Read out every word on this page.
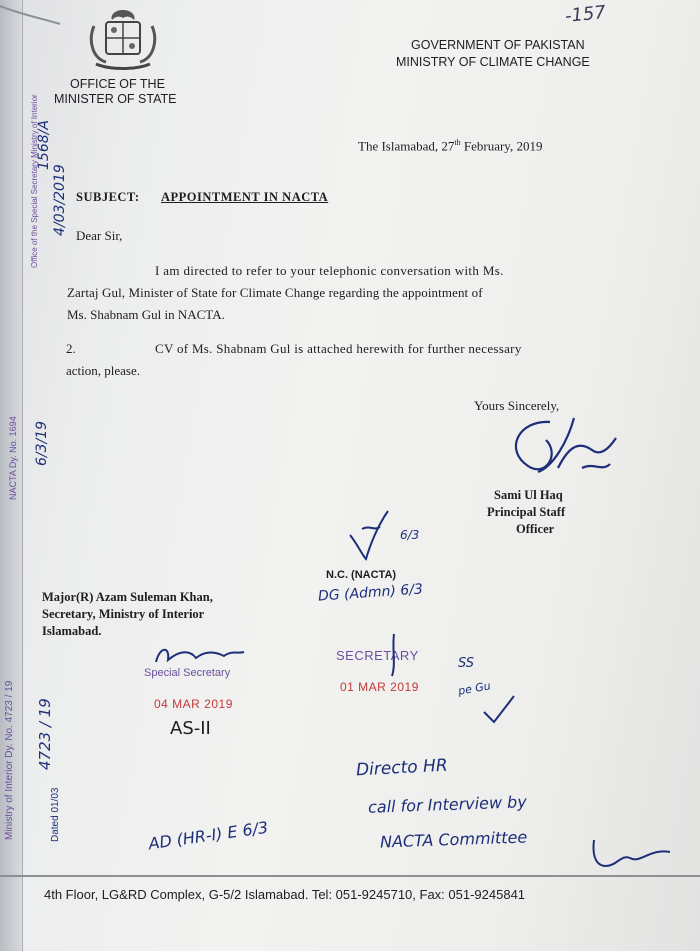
OFFICE OF THE
MINISTER OF STATE
GOVERNMENT OF PAKISTAN
MINISTRY OF CLIMATE CHANGE
-157
The Islamabad, 27th February, 2019
SUBJECT: APPOINTMENT IN NACTA
Dear Sir,
I am directed to refer to your telephonic conversation with Ms.
Zartaj Gul, Minister of State for Climate Change regarding the appointment of
Ms. Shabnam Gul in NACTA.
2.	CV of Ms. Shabnam Gul is attached herewith for further necessary
action, please.
Yours Sincerely,
Sami Ul Haq
Principal Staff
Officer
Major(R) Azam Suleman Khan,
Secretary, Ministry of Interior
Islamabad.
Office of the Special Secretary Ministry of Interior
1568/A
4/03/2019
NACTA Dy. No. 1694 6/3/19
6/3
N.C. (NACTA)
DG (Admn) 6/3
SECRETARY
01 MAR 2019
SS
pe Gu
Special Secretary
04 MAR 2019
AS-II
Ministry of Interior Dy. No. 4723 / 19 4723 / 19
Dated 01/03
Directo HR
call for Interview by
NACTA Committee
AD (HR-I) E 6/3
4th Floor, LG&RD Complex, G-5/2 Islamabad. Tel: 051-9245710, Fax: 051-9245841
